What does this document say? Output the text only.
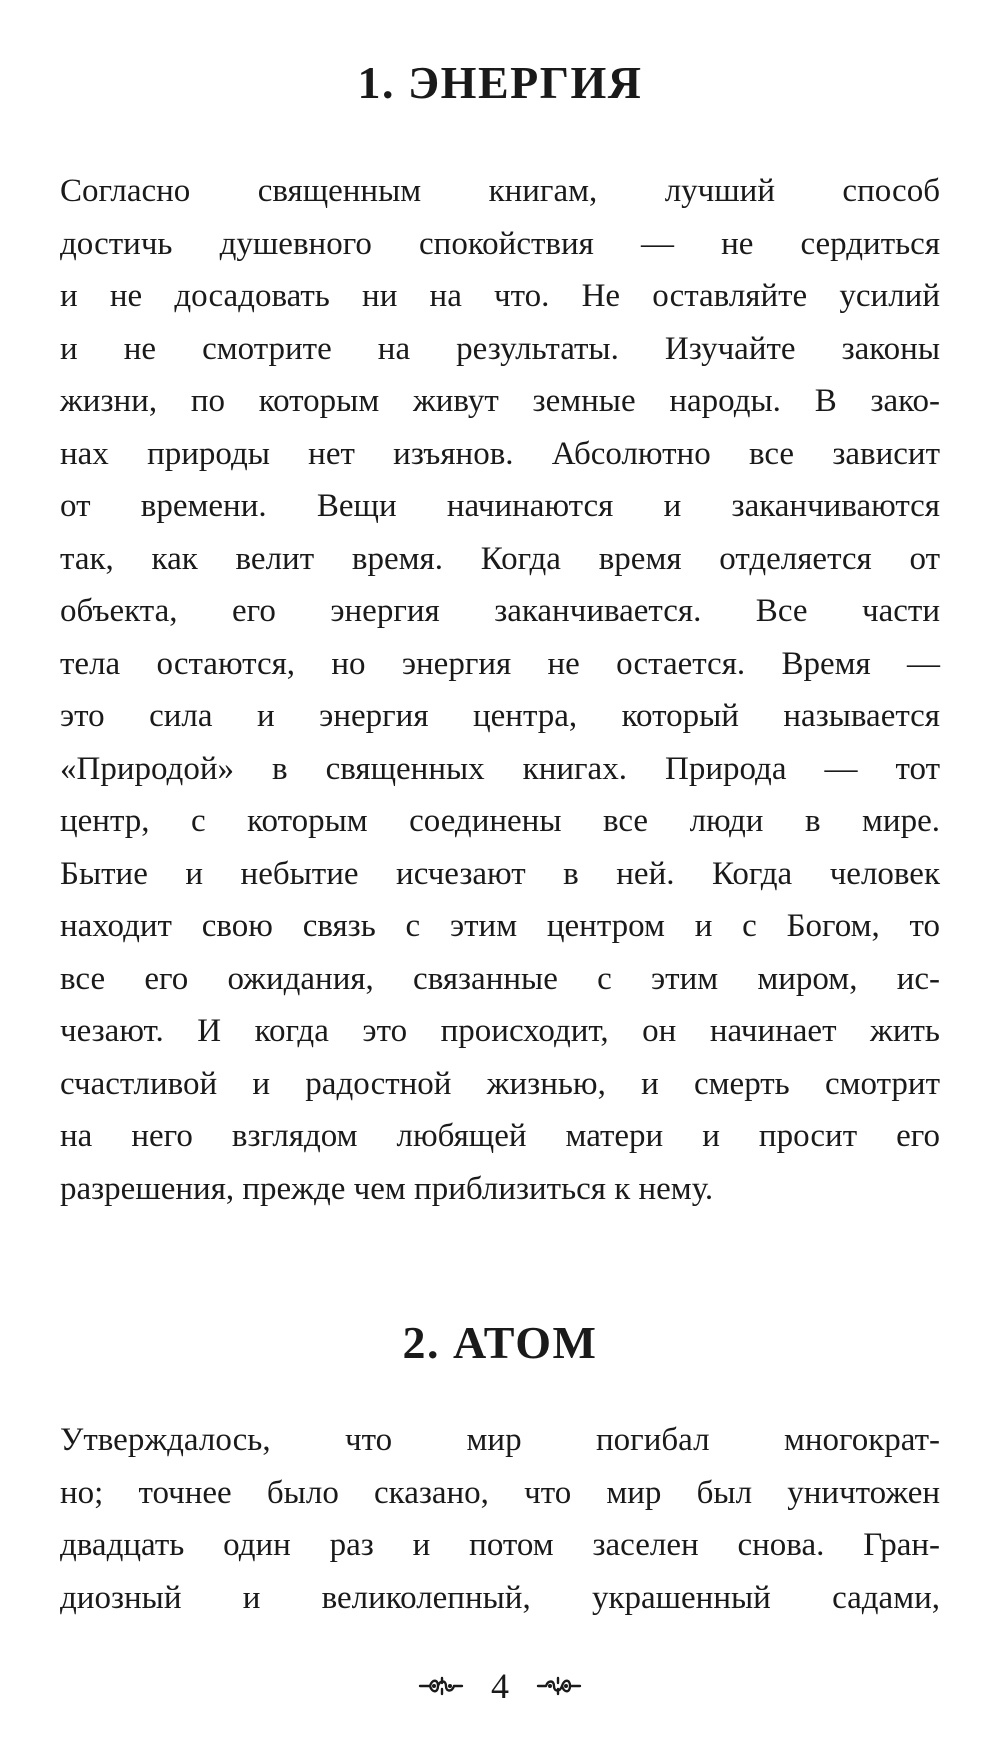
1. ЭНЕРГИЯ
Согласно священным книгам, лучший способ
достичь душевного спокойствия — не сердиться
и не досадовать ни на что. Не оставляйте усилий
и не смотрите на результаты. Изучайте законы
жизни, по которым живут земные народы. В зако-
нах природы нет изъянов. Абсолютно все зависит
от времени. Вещи начинаются и заканчиваются
так, как велит время. Когда время отделяется от
объекта, его энергия заканчивается. Все части
тела остаются, но энергия не остается. Время —
это сила и энергия центра, который называется
«Природой» в священных книгах. Природа — тот
центр, с которым соединены все люди в мире.
Бытие и небытие исчезают в ней. Когда человек
находит свою связь с этим центром и с Богом, то
все его ожидания, связанные с этим миром, ис-
чезают. И когда это происходит, он начинает жить
счастливой и радостной жизнью, и смерть смотрит
на него взглядом любящей матери и просит его
разрешения, прежде чем приблизиться к нему.
2. АТОМ
Утверждалось, что мир погибал многократ-
но; точнее было сказано, что мир был уничтожен
двадцать один раз и потом заселен снова. Гран-
диозный и великолепный, украшенный садами,
4
